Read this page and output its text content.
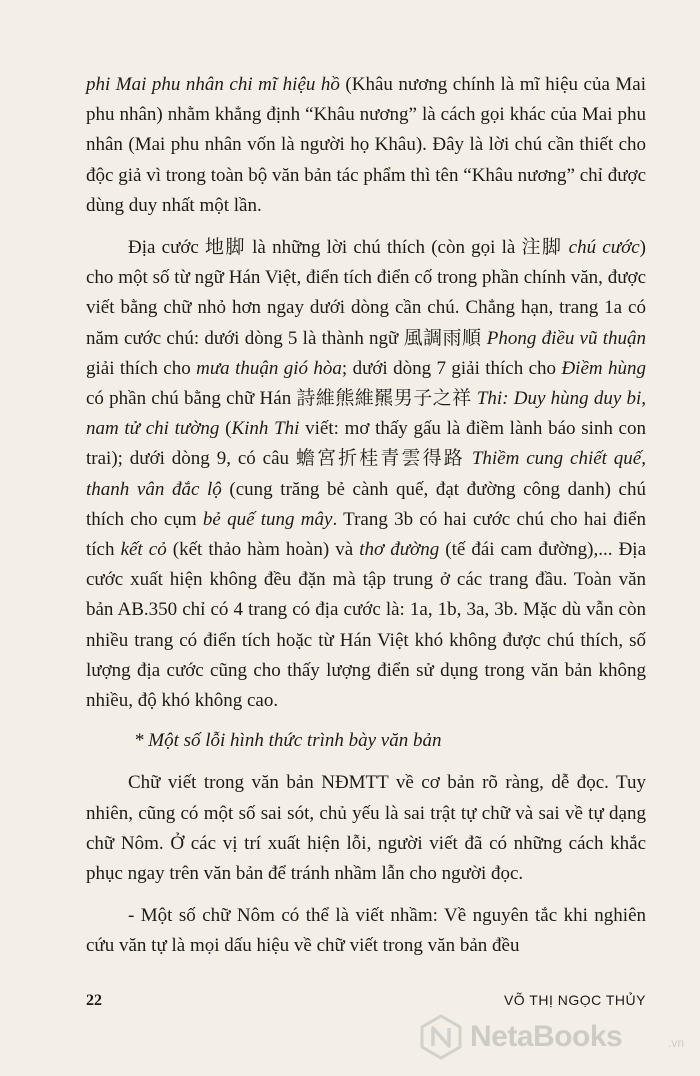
phi Mai phu nhân chi mĩ hiệu hồ (Khâu nương chính là mĩ hiệu của Mai phu nhân) nhằm khẳng định “Khâu nương” là cách gọi khác của Mai phu nhân (Mai phu nhân vốn là người họ Khâu). Đây là lời chú cần thiết cho độc giả vì trong toàn bộ văn bản tác phẩm thì tên “Khâu nương” chỉ được dùng duy nhất một lần.

Địa cước 地脚 là những lời chú thích (còn gọi là 注脚 chú cước) cho một số từ ngữ Hán Việt, điển tích điển cố trong phần chính văn, được viết bằng chữ nhỏ hơn ngay dưới dòng cần chú. Chẳng hạn, trang 1a có năm cước chú: dưới dòng 5 là thành ngữ 風調雨順 Phong điều vũ thuận giải thích cho mưa thuận gió hòa; dưới dòng 7 giải thích cho Điềm hùng có phần chú bằng chữ Hán 詩維熊維羆男子之祥 Thi: Duy hùng duy bi, nam tử chi tường (Kinh Thi viết: mơ thấy gấu là điềm lành báo sinh con trai); dưới dòng 9, có câu 蟾宮折桂青雲得路 Thiềm cung chiết quế, thanh vân đắc lộ (cung trăng bẻ cành quế, đạt đường công danh) chú thích cho cụm bẻ quế tung mây. Trang 3b có hai cước chú cho hai điển tích kết cỏ (kết thảo hàm hoàn) và thơ đường (tế đái cam đường),... Địa cước xuất hiện không đều đặn mà tập trung ở các trang đầu. Toàn văn bản AB.350 chỉ có 4 trang có địa cước là: 1a, 1b, 3a, 3b. Mặc dù vẫn còn nhiều trang có điển tích hoặc từ Hán Việt khó không được chú thích, số lượng địa cước cũng cho thấy lượng điển sử dụng trong văn bản không nhiều, độ khó không cao.

* Một số lỗi hình thức trình bày văn bản

Chữ viết trong văn bản NĐMTT về cơ bản rõ ràng, dễ đọc. Tuy nhiên, cũng có một số sai sót, chủ yếu là sai trật tự chữ và sai về tự dạng chữ Nôm. Ở các vị trí xuất hiện lỗi, người viết đã có những cách khắc phục ngay trên văn bản để tránh nhầm lẫn cho người đọc.

- Một số chữ Nôm có thể là viết nhầm: Về nguyên tắc khi nghiên cứu văn tự là mọi dấu hiệu về chữ viết trong văn bản đều

22	VÕ THỊ NGỌC THỦY
NetaBooks	.vn
